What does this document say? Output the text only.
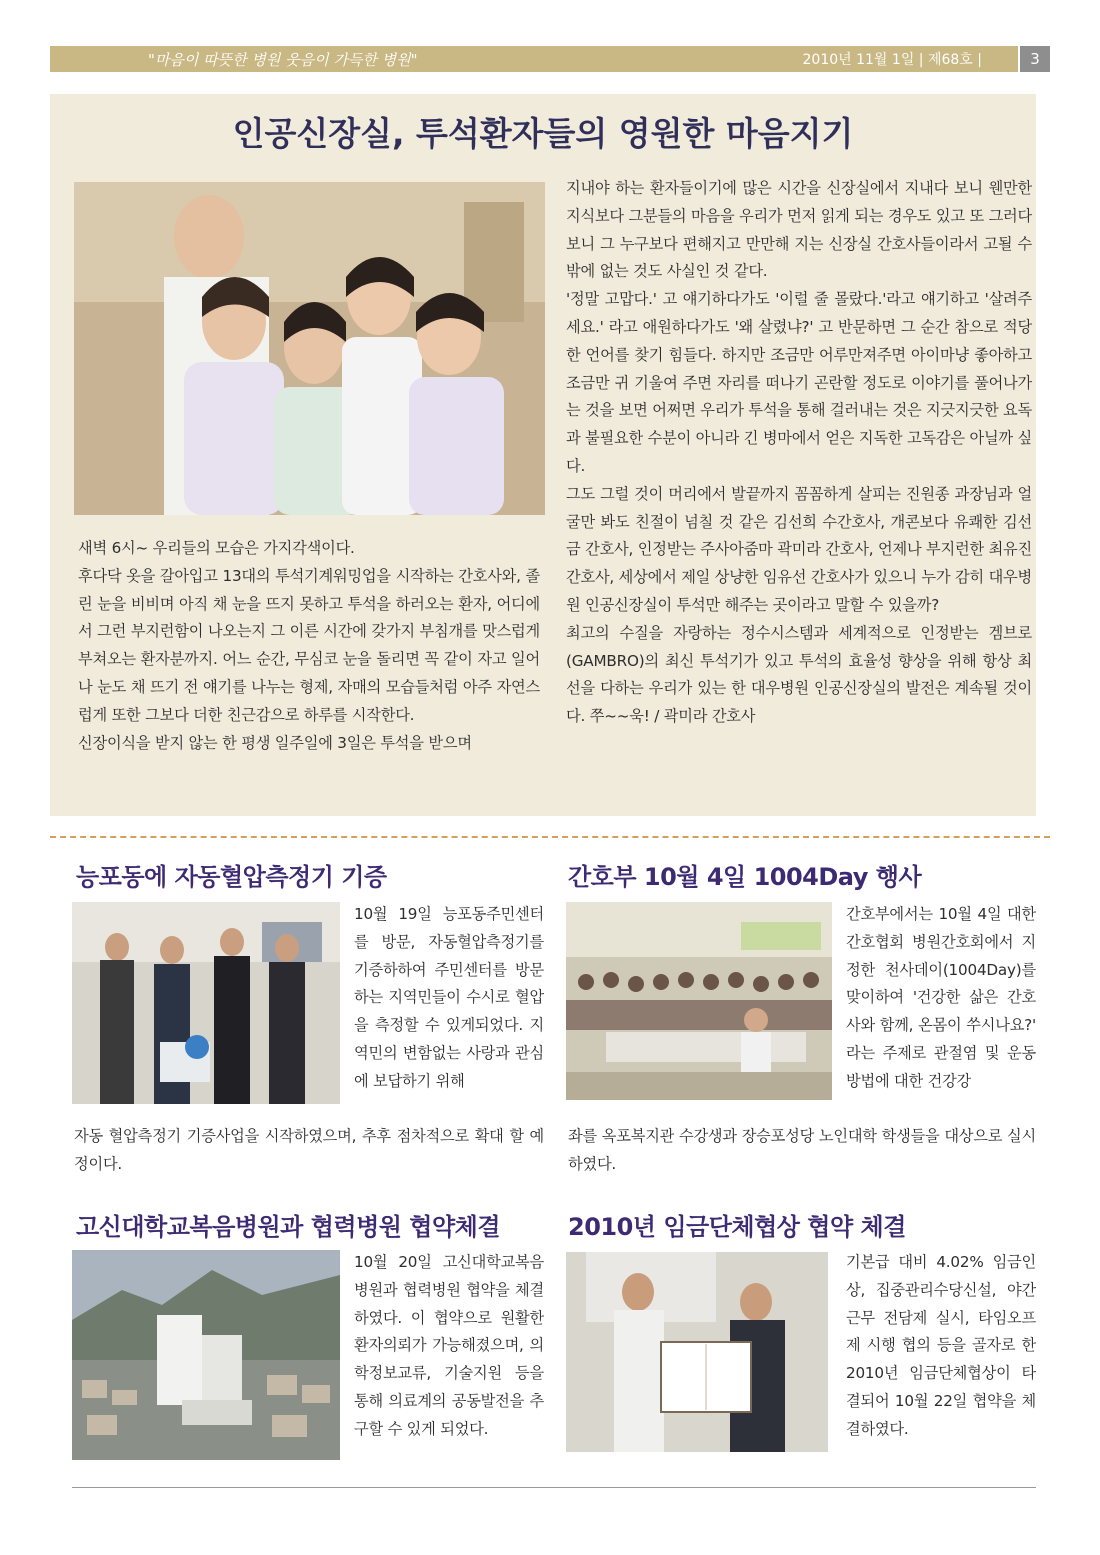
"마음이 따뜻한 병원 웃음이 가득한 병원"	2010년 11월 1일 | 제68호 |	3
인공신장실, 투석환자들의 영원한 마음지기

새벽 6시~ 우리들의 모습은 가지각색이다.

후다닥 옷을 갈아입고 13대의 투석기계워밍업을 시작하는 간호사와, 졸린 눈을 비비며 아직 채 눈을 뜨지 못하고 투석을 하러오는 환자, 어디에서 그런 부지런함이 나오는지 그 이른 시간에 갖가지 부침개를 맛스럽게 부쳐오는 환자분까지. 어느 순간, 무심코 눈을 돌리면 꼭 같이 자고 일어나 눈도 채 뜨기 전 얘기를 나누는 형제, 자매의 모습들처럼 아주 자연스럽게 또한 그보다 더한 친근감으로 하루를 시작한다.

신장이식을 받지 않는 한 평생 일주일에 3일은 투석을 받으며

지내야 하는 환자들이기에 많은 시간을 신장실에서 지내다 보니 웬만한 지식보다 그분들의 마음을 우리가 먼저 읽게 되는 경우도 있고 또 그러다 보니 그 누구보다 편해지고 만만해 지는 신장실 간호사들이라서 고될 수밖에 없는 것도 사실인 것 같다.

'정말 고맙다.' 고 얘기하다가도 '이럴 줄 몰랐다.'라고 얘기하고 '살려주세요.' 라고 애원하다가도 '왜 살렸냐?' 고 반문하면 그 순간 참으로 적당한 언어를 찾기 힘들다. 하지만 조금만 어루만져주면 아이마냥 좋아하고 조금만 귀 기울여 주면 자리를 떠나기 곤란할 정도로 이야기를 풀어나가는 것을 보면 어쩌면 우리가 투석을 통해 걸러내는 것은 지긋지긋한 요독과 불필요한 수분이 아니라 긴 병마에서 얻은 지독한 고독감은 아닐까 싶다.

그도 그럴 것이 머리에서 발끝까지 꼼꼼하게 살피는 진원종 과장님과 얼굴만 봐도 친절이 넘칠 것 같은 김선희 수간호사, 개콘보다 유쾌한 김선금 간호사, 인정받는 주사아줌마 곽미라 간호사, 언제나 부지런한 최유진간호사, 세상에서 제일 상냥한 임유선 간호사가 있으니 누가 감히 대우병원 인공신장실이 투석만 해주는 곳이라고 말할 수 있을까?

최고의 수질을 자랑하는 정수시스템과 세계적으로 인정받는 겜브로(GAMBRO)의 최신 투석기가 있고 투석의 효율성 향상을 위해 항상 최선을 다하는 우리가 있는 한 대우병원 인공신장실의 발전은 계속될 것이다. 쭈~~욱! / 곽미라 간호사

능포동에 자동혈압측정기 기증
10월 19일 능포동주민센터를 방문, 자동혈압측정기를 기증하하여 주민센터를 방문하는 지역민들이 수시로 혈압을 측정할 수 있게되었다. 지역민의 변함없는 사랑과 관심에 보답하기 위해
자동 혈압측정기 기증사업을 시작하였으며, 추후 점차적으로 확대 할 예정이다.
간호부 10월 4일 1004Day 행사
간호부에서는 10월 4일 대한간호협회 병원간호회에서 지정한 천사데이(1004Day)를 맞이하여 '건강한 삶은 간호사와 함께, 온몸이 쑤시나요?' 라는 주제로 관절염 및 운동방법에 대한 건강강
좌를 옥포복지관 수강생과 장승포성당 노인대학 학생들을 대상으로 실시하였다.
고신대학교복음병원과 협력병원 협약체결
10월 20일 고신대학교복음병원과 협력병원 협약을 체결하였다. 이 협약으로 원활한 환자의뢰가 가능해졌으며, 의학정보교류, 기술지원 등을 통해 의료계의 공동발전을 추구할 수 있게 되었다.
2010년 임금단체협상 협약 체결
기본급 대비 4.02% 임금인상, 집중관리수당신설, 야간 근무 전담제 실시, 타임오프제 시행 협의 등을 골자로 한 2010년 임금단체협상이 타결되어 10월 22일 협약을 체결하였다.
